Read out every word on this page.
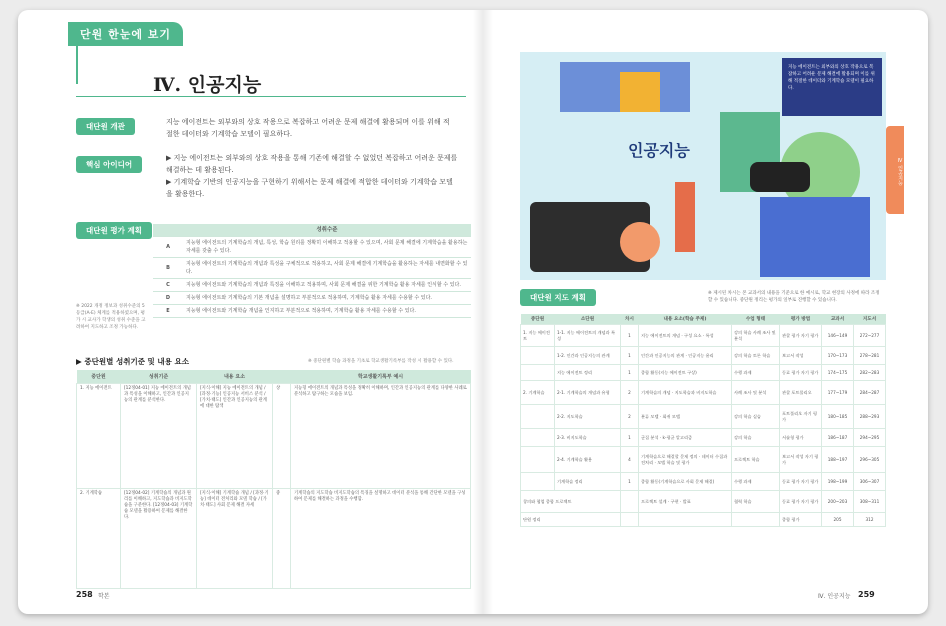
단원 한눈에 보기
Ⅳ. 인공지능
대단원 개관	지능 에이전트는 외부와의 상호 작용으로 복잡하고 어려운 문제 해결에 활용되며 이를 위해 적
절한 데이터와 기계학습 모델이 필요하다.
핵심 아이디어
▶ 지능 에이전트는 외부와의 상호 작용을 통해 기존에 해결할 수 없었던 복잡하고 어려운 문제를
해결하는 데 활용된다.
▶ 기계학습 기반의 인공지능을 구현하기 위해서는 문제 해결에 적합한 데이터와 기계학습 모델
을 활용한다.
대단원 평가 계획
		성취수준
A	지능형 에이전트의 기계학습의 개념, 특성, 학습 원리를 정확히 이해하고 적용할 수 있으며, 사회 문제 해결에 기계학습을 활용하는 자세를 갖출 수 있다.
B	지능형 에이전트의 기계학습의 개념과 특성을 구체적으로 적용하고, 사회 문제 해결에 기계학습을 활용하는 자세를 내면화할 수 있다.
C	지능형 에이전트와 기계학습의 개념과 특징을 이해하고 적용하며, 사회 문제 해결을 위한 기계학습 활용 자세를 인식할 수 있다.
D	지능형 에이전트와 기계학습의 기본 개념을 설명하고 부분적으로 적용하며, 기계학습 활용 자세를 수용할 수 있다.
E	지능형 에이전트와 기계학습 개념을 인지하고 부분적으로 적용하며, 기계학습 활용 자세를 수용할 수 있다.
※ 2022 개정 정보과 성취수준의 5등급(A-E) 체계를 적용하였으며, 평가 시 교사가 학생의 성취 수준을 고려하여 지도하고 조정 가능하다.
▶ 중단원별 성취기준 및 내용 요소	※ 중단원별 학습 과정을 기초로 학교생활기록부를 작성 시 활용할 수 있다.
중단원	성취기준	내용 요소		학교생활기록부 예시
1. 지능 에이전트	[12정04-01] 지능 에이전트의 개념과 특성을 이해하고, 인간과 인공지능의 관계를 분석한다.	[지식·이해] 지능 에이전트의 개념 / [과정·기능] 인공지능 서비스 분석 / [가치·태도] 인간과 인공지능의 관계에 대한 탐색	상	지능형 에이전트의 개념과 특성을 정확히 이해하며, 인간과 인공지능의 관계를 다양한 사례로 분석하고 탐구하는 모습을 보임.
2. 기계학습	[12정04-02] 기계학습의 개념과 원리를 이해하고, 지도학습과 비지도학습을 구분한다. [12정04-03] 기계학습 모델을 활용하여 문제를 해결한다.	[지식·이해] 기계학습 개념 / [과정·기능] 데이터 전처리와 모델 학습 / [가치·태도] 사회 문제 해결 자세	중	기계학습의 지도학습 비지도학습의 특징을 설명하고 데이터 분석을 통해 간단한 모델을 구성하여 문제를 해결하는 과정을 수행함.
258 학본
인공지능
지능 에이전트는 외부와의 상호 작용으로 복잡하고 어려운 문제 해결에 활용되며 이를 위해 적절한 데이터와 기계학습 모델이 필요하다.
대단원 지도 계획	※ 제시된 차시는 본 교과서의 내용을 기준으로 한 예시로, 학교 현장의 사정에 따라 조정할 수 있습니다. 중단원 정리는 평가의 일부로 진행할 수 있습니다.
중단원	소단원	차시	내용 요소(학습 주제)	수업 형태	평가 방법	교과서	지도서
1. 지능 에이전트	1-1. 지능 에이전트의 개념과 특성	1	지능 에이전트의 개념 · 구성 요소 · 특성	강의 학습 사례 조사 및 분석	관찰 평가 자기 평가	146~149	272~277
	1-2. 인간과 인공지능의 관계	1	인간과 인공지능의 관계 · 인공지능 윤리	강의 학습 토론 학습	보고서 작성	170~173	278~281
	지능 에이전트 정리	1	종합 활동(지능 에이전트 구상)	수행 과제	동료 평가 자기 평가	174~175	282~283
2. 기계학습	2-1. 기계학습의 개념과 유형	2	기계학습의 개념 · 지도학습과 비지도학습	사례 조사 및 분석	관찰 포트폴리오	177~179	284~287
	2-2. 지도학습	2	분류 모델 · 회귀 모델	강의 학습 실습	포트폴리오 자기 평가	180~185	288~293
	2-3. 비지도학습	1	군집 분석 · k-평균 알고리즘	강의 학습	서술형 평가	186~187	294~295
	2-4. 기계학습 활용	4	기계학습으로 해결할 문제 정의 · 데이터 수집과 전처리 · 모델 학습 및 평가	프로젝트 학습	보고서 작성 자기 평가	188~197	296~305
	기계학습 정리	1	종합 활동(기계학습으로 사회 문제 해결)	수행 과제	동료 평가 자기 평가	198~199	306~307
창의와 협업 종합 프로젝트			프로젝트 설계 · 구현 · 발표	협력 학습	동료 평가 자기 평가	200~203	308~311
단원 정리					종합 평가	205	312
Ⅳ. 인공지능 259
Ⅳ 인공지능
